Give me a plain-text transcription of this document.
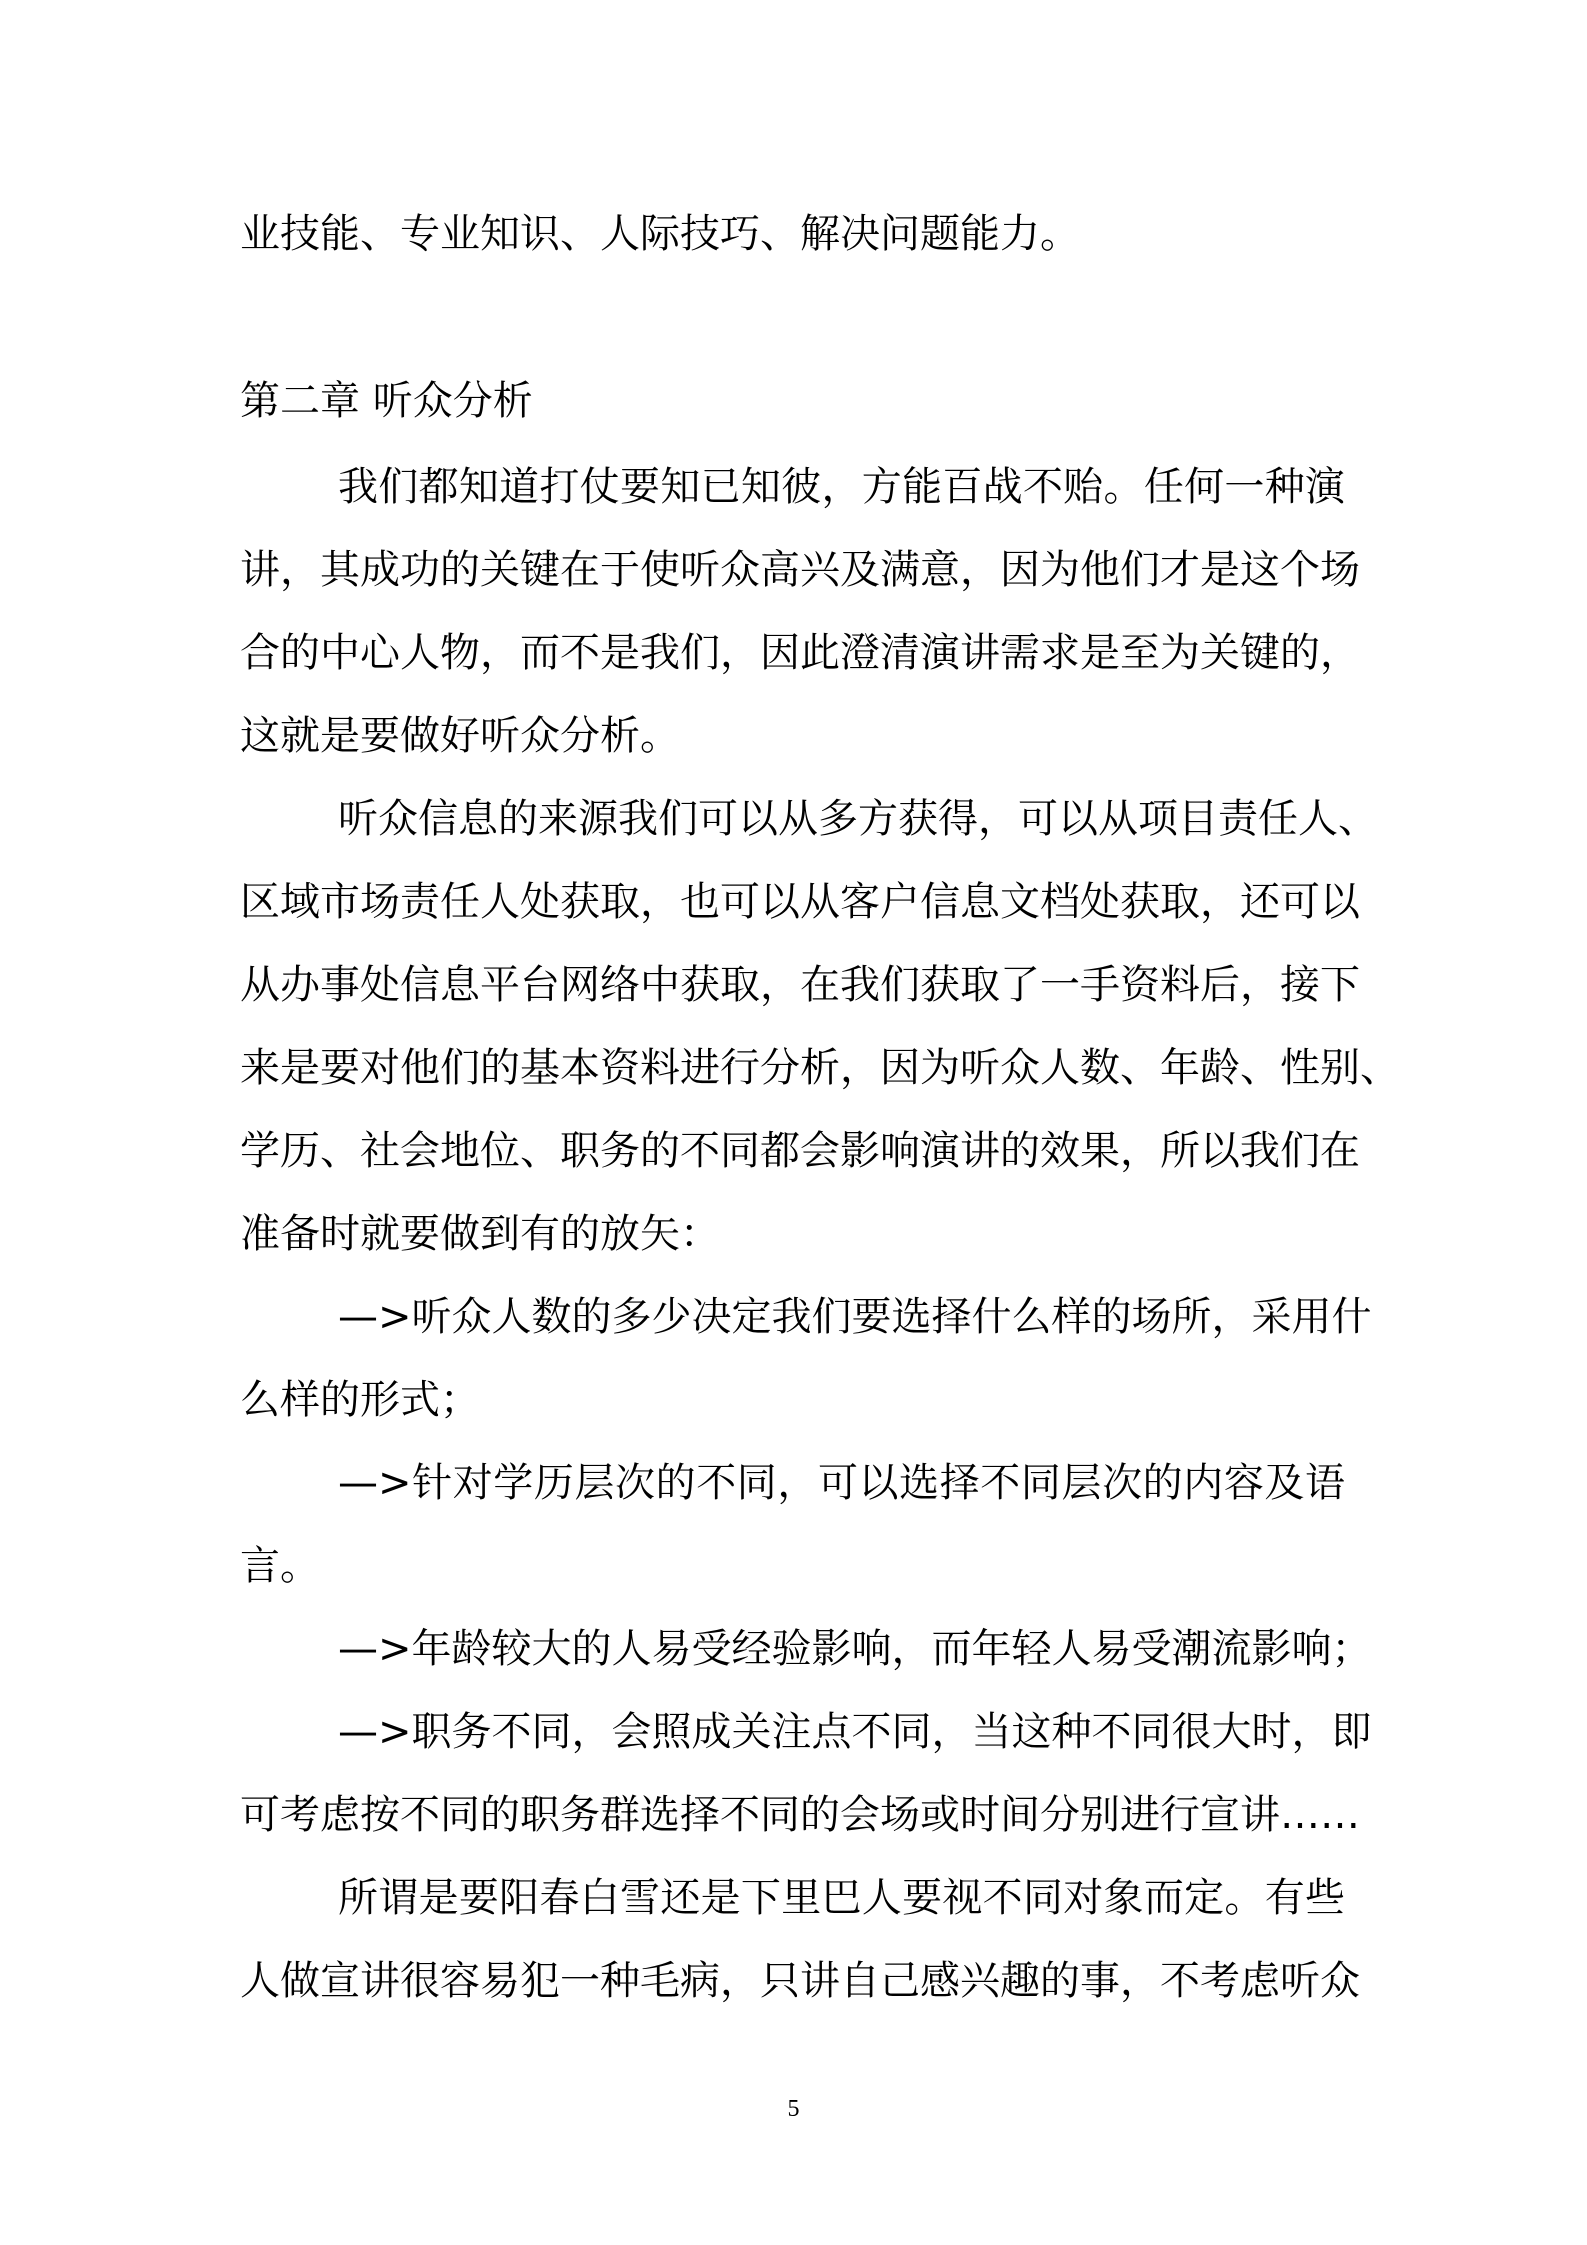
业技能、专业知识、人际技巧、解决问题能力。
第二章 听众分析
我们都知道打仗要知已知彼，方能百战不贻。任何一种演
讲，其成功的关键在于使听众高兴及满意，因为他们才是这个场
合的中心人物，而不是我们，因此澄清演讲需求是至为关键的，
这就是要做好听众分析。
听众信息的来源我们可以从多方获得，可以从项目责任人、
区域市场责任人处获取，也可以从客户信息文档处获取，还可以
从办事处信息平台网络中获取，在我们获取了一手资料后，接下
来是要对他们的基本资料进行分析，因为听众人数、年龄、性别、
学历、社会地位、职务的不同都会影响演讲的效果，所以我们在
准备时就要做到有的放矢：
—>听众人数的多少决定我们要选择什么样的场所，采用什
么样的形式；
—>针对学历层次的不同，可以选择不同层次的内容及语
言。
—>年龄较大的人易受经验影响，而年轻人易受潮流影响；
—>职务不同，会照成关注点不同，当这种不同很大时，即
可考虑按不同的职务群选择不同的会场或时间分别进行宣讲……
所谓是要阳春白雪还是下里巴人要视不同对象而定。有些
人做宣讲很容易犯一种毛病，只讲自己感兴趣的事，不考虑听众
5
